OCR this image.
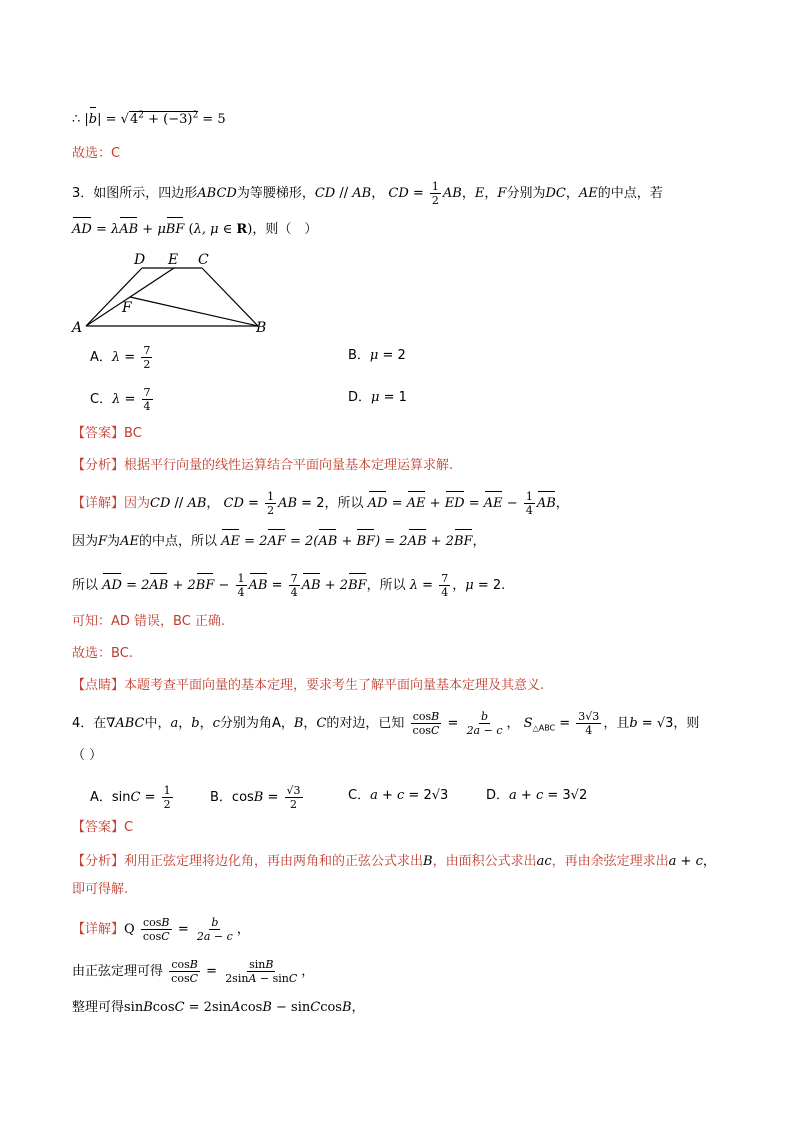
∴ $|b| = √4^2 + (-3)^2 = 5$
故选：C
3．如图所示，四边形ABCD为等腰梯形，CD // AB， CD = $\frac{1}{2}$ AB，E，F分别为DC，AE的中点，若
AD = λAB + μBF (λ, μ ∈ R)，则（　）
D E C
F
A	B
A．$\lambda = \frac{7}{2}$	B．μ = 2
C．$\lambda = \frac{7}{4}$	D．μ = 1
【答案】BC
【分析】根据平行向量的线性运算结合平面向量基本定理运算求解.
【详解】因为CD // AB， CD = $\frac{1}{2}$ AB = 2，所以 AD = AE + ED = AE − $\frac{1}{4}$ AB，
因为F为AE的中点，所以 AE = 2AF = 2(AB + BF) = 2AB + 2BF，
所以 AD = $2AB + 2BF - \frac{1}{4}$ AB = $\frac{7}{4}$ AB + 2BF，所以 $\lambda = \frac{7}{4}$ ，μ = 2.
可知：AD 错误，BC 正确.
故选：BC.
【点睛】本题考查平面向量的基本定理，要求考生了解平面向量基本定理及其意义.
4．在∇ABC中，a，b，c分别为角A，B，C的对边，已知 $\frac{\cos B}{\cos C} = \frac{b}{2a - c}$ ， $S_{\triangle ABC} = \frac{3√3}{4}$ ，且b = √3，则
（ ）
A．$\sin C = \frac{1}{2}$	B．$\cos B = \frac{√3}{2}$	C．a + c = 2√3	D．a + c = 3√2
【答案】C
【分析】利用正弦定理将边化角，再由两角和的正弦公式求出B，由面积公式求出ac，再由余弦定理求出a + c，
即可得解.
【详解】Q $\frac{\cos B}{\cos C} = \frac{b}{2a - c}$ ，
由正弦定理可得 $\frac{\cos B}{\cos C} = \frac{\sin B}{2\sin A - \sin C}$ ，
整理可得sinBcosC = 2sinAcosB − sinCcosB，
